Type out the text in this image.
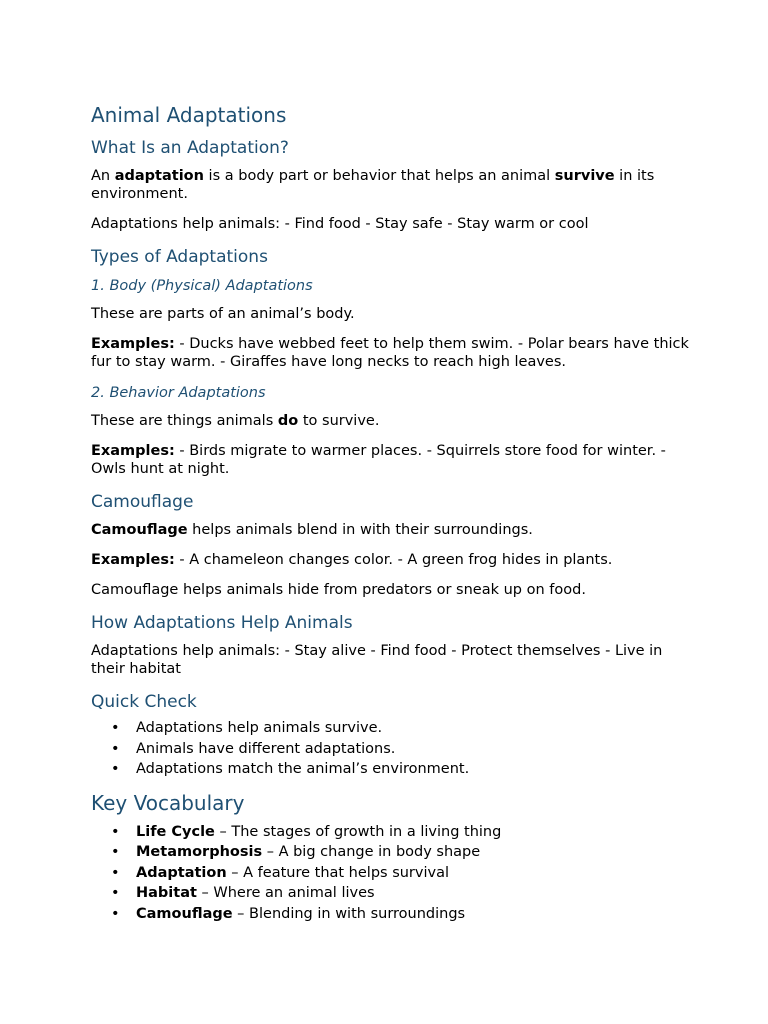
Animal Adaptations
What Is an Adaptation?

An adaptation is a body part or behavior that helps an animal survive in its environment.

Adaptations help animals: - Find food - Stay safe - Stay warm or cool

Types of Adaptations
1. Body (Physical) Adaptations

These are parts of an animal’s body.

Examples: - Ducks have webbed feet to help them swim. - Polar bears have thick fur to stay warm. - Giraffes have long necks to reach high leaves.

2. Behavior Adaptations

These are things animals do to survive.

Examples: - Birds migrate to warmer places. - Squirrels store food for winter. - Owls hunt at night.

Camouflage

Camouflage helps animals blend in with their surroundings.

Examples: - A chameleon changes color. - A green frog hides in plants.

Camouflage helps animals hide from predators or sneak up on food.

How Adaptations Help Animals

Adaptations help animals: - Stay alive - Find food - Protect themselves - Live in their habitat

Quick Check
• Adaptations help animals survive.
• Animals have different adaptations.
• Adaptations match the animal’s environment.
Key Vocabulary
• Life Cycle – The stages of growth in a living thing
• Metamorphosis – A big change in body shape
• Adaptation – A feature that helps survival
• Habitat – Where an animal lives
• Camouflage – Blending in with surroundings
